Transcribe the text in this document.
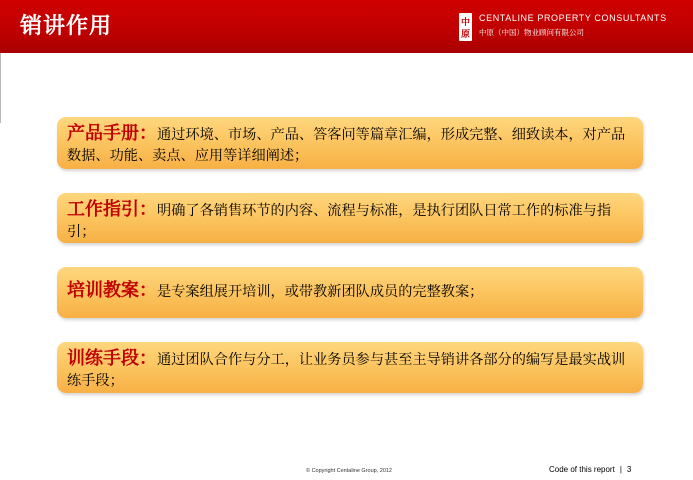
销讲作用	中
原
CENTALINE PROPERTY CONSULTANTS
中原（中国）物业顾问有限公司
产品手册：通过环境、市场、产品、答客问等篇章汇编，形成完整、细致读本，对产品数据、功能、卖点、应用等详细阐述；
工作指引：明确了各销售环节的内容、流程与标准，是执行团队日常工作的标准与指引；
培训教案：是专案组展开培训，或带教新团队成员的完整教案；
训练手段：通过团队合作与分工，让业务员参与甚至主导销讲各部分的编写是最实战训练手段；
© Copyright Centaline Group, 2012	Code of this report | 3
